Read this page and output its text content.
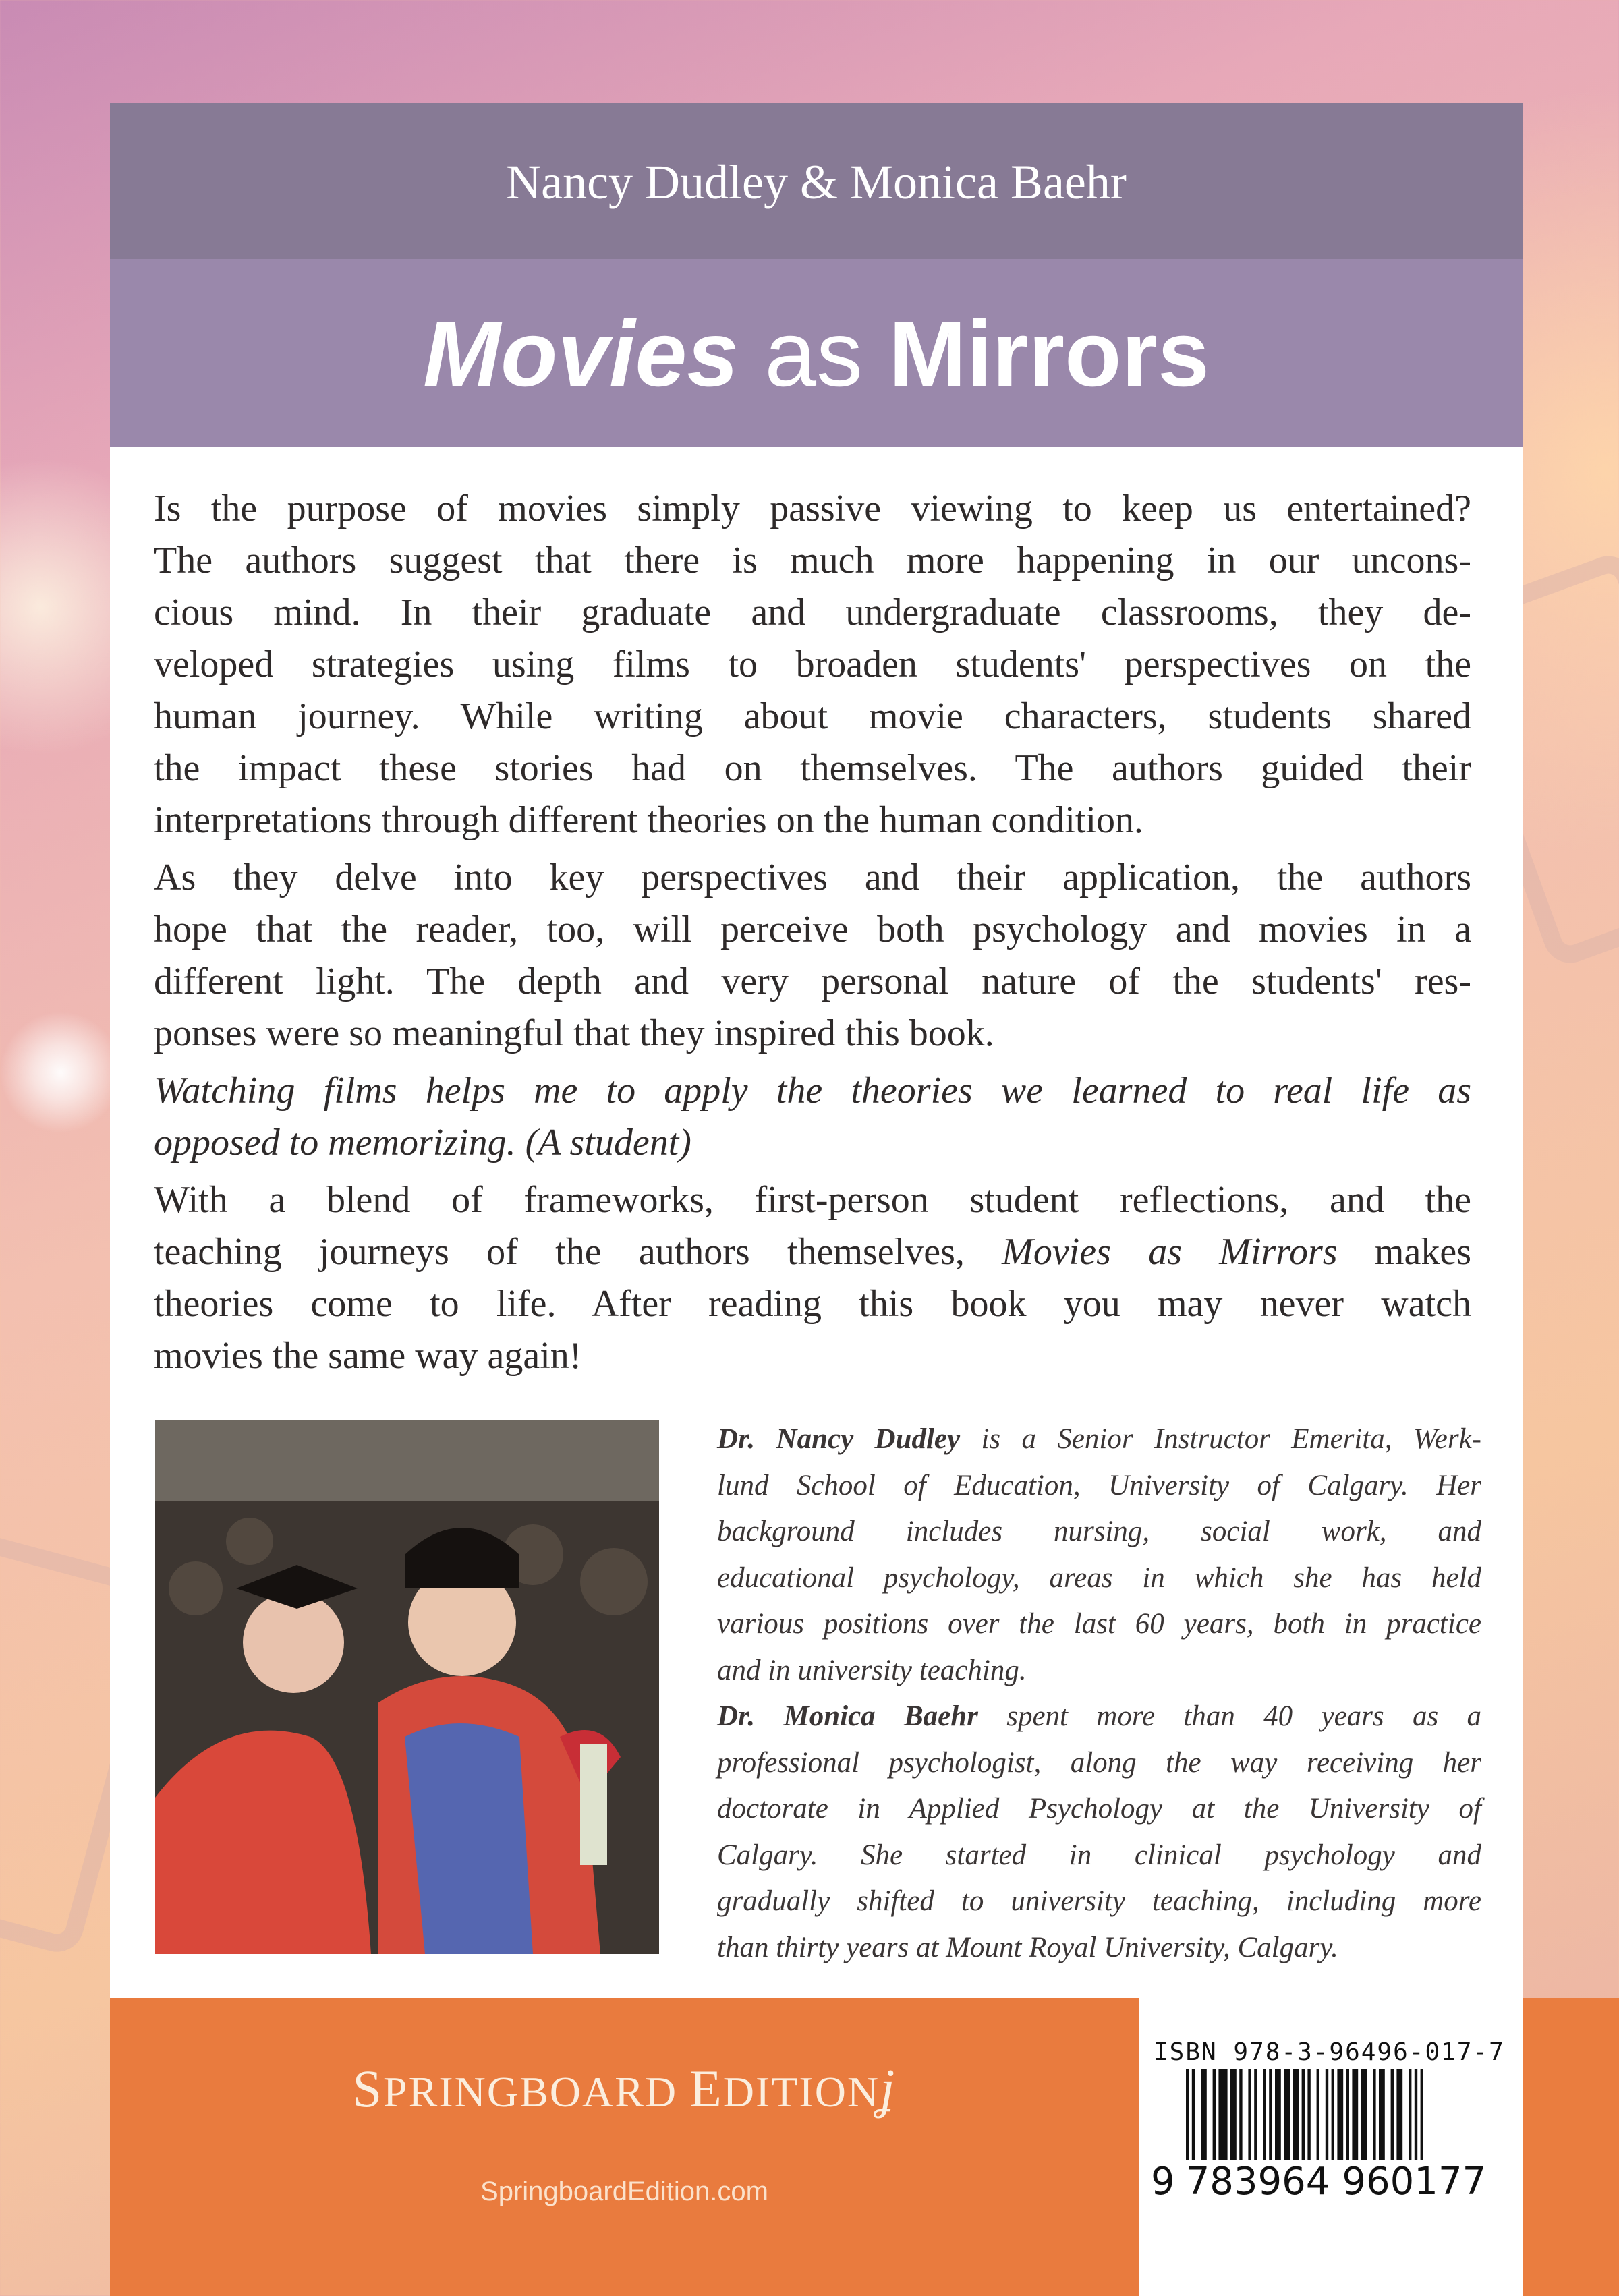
Nancy Dudley & Monica Baehr
Movies as Mirrors
Is the purpose of movies simply passive viewing to keep us entertained?
The authors suggest that there is much more happening in our uncons-
cious mind. In their graduate and undergraduate classrooms, they de-
veloped strategies using films to broaden students' perspectives on the
human journey. While writing about movie characters, students shared
the impact these stories had on themselves. The authors guided their
interpretations through different theories on the human condition.
As they delve into key perspectives and their application, the authors
hope that the reader, too, will perceive both psychology and movies in a
different light. The depth and very personal nature of the students' res-
ponses were so meaningful that they inspired this book.
Watching films helps me to apply the theories we learned to real life as
opposed to memorizing. (A student)
With a blend of frameworks, first-person student reflections, and the
teaching journeys of the authors themselves, Movies as Mirrors makes
theories come to life. After reading this book you may never watch
movies the same way again!
Dr. Nancy Dudley is a Senior Instructor Emerita, Werk-
lund School of Education, University of Calgary. Her
background includes nursing, social work, and
educational psychology, areas in which she has held
various positions over the last 60 years, both in practice
and in university teaching.
Dr. Monica Baehr spent more than 40 years as a
professional psychologist, along the way receiving her
doctorate in Applied Psychology at the University of
Calgary. She started in clinical psychology and
gradually shifted to university teaching, including more
than thirty years at Mount Royal University, Calgary.
SPRINGBOARD EDITIONʝ
SpringboardEdition.com
ISBN 978-3-96496-017-7
9 783964 960177
